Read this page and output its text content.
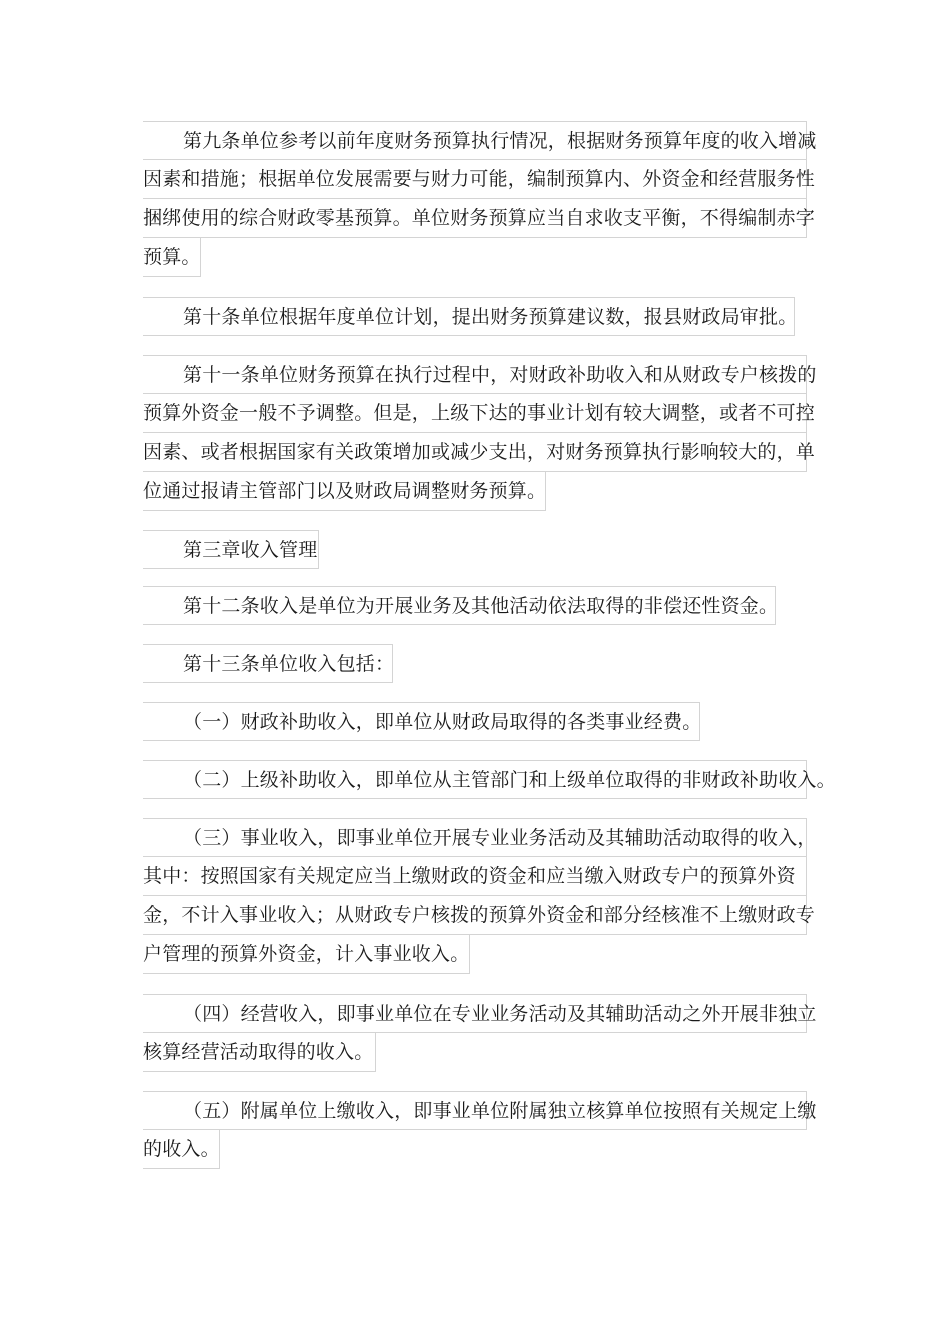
第九条单位参考以前年度财务预算执行情况，根据财务预算年度的收入增减
因素和措施；根据单位发展需要与财力可能，编制预算内、外资金和经营服务性
捆绑使用的综合财政零基预算。单位财务预算应当自求收支平衡，不得编制赤字
预算。
第十条单位根据年度单位计划，提出财务预算建议数，报县财政局审批。
第十一条单位财务预算在执行过程中，对财政补助收入和从财政专户核拨的
预算外资金一般不予调整。但是，上级下达的事业计划有较大调整，或者不可控
因素、或者根据国家有关政策增加或减少支出，对财务预算执行影响较大的，单
位通过报请主管部门以及财政局调整财务预算。
第三章收入管理
第十二条收入是单位为开展业务及其他活动依法取得的非偿还性资金。
第十三条单位收入包括：
（一）财政补助收入，即单位从财政局取得的各类事业经费。
（二）上级补助收入，即单位从主管部门和上级单位取得的非财政补助收入。
（三）事业收入，即事业单位开展专业业务活动及其辅助活动取得的收入，
其中：按照国家有关规定应当上缴财政的资金和应当缴入财政专户的预算外资
金，不计入事业收入；从财政专户核拨的预算外资金和部分经核准不上缴财政专
户管理的预算外资金，计入事业收入。
（四）经营收入，即事业单位在专业业务活动及其辅助活动之外开展非独立
核算经营活动取得的收入。
（五）附属单位上缴收入，即事业单位附属独立核算单位按照有关规定上缴
的收入。
